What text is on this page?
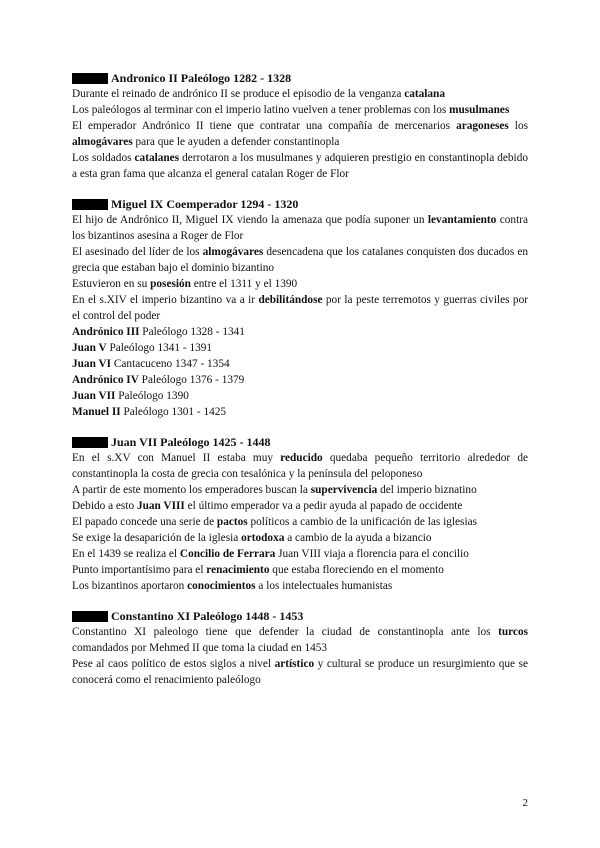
Andronico II Paleólogo 1282 - 1328

Durante el reinado de andrónico II se produce el episodio de la venganza catalana

Los paleólogos al terminar con el imperio latino vuelven a tener problemas con los musulmanes

El emperador Andrónico II tiene que contratar una compañía de mercenarios aragoneses los almogávares para que le ayuden a defender constantinopla

Los soldados catalanes derrotaron a los musulmanes y adquieren prestigio en constantinopla debido a esta gran fama que alcanza el general catalan Roger de Flor

Miguel IX Coemperador 1294 - 1320

El hijo de Andrónico II, Miguel IX viendo la amenaza que podía suponer un levantamiento contra los bizantinos asesina a Roger de Flor

El asesinado del líder de los almogávares desencadena que los catalanes conquisten dos ducados en grecia que estaban bajo el dominio bizantino

Estuvieron en su posesión entre el 1311 y el 1390

En el s.XIV el imperio bizantino va a ir debilitándose por la peste terremotos y guerras civiles por el control del poder

Andrónico III Paleólogo 1328 - 1341

Juan V Paleólogo 1341 - 1391

Juan VI Cantacuceno 1347 - 1354

Andrónico IV Paleólogo 1376 - 1379

Juan VII Paleólogo 1390

Manuel II Paleólogo 1301 - 1425

Juan VII Paleólogo 1425 - 1448

En el s.XV con Manuel II estaba muy reducido quedaba pequeño territorio alrededor de constantinopla la costa de grecia con tesalónica y la península del peloponeso

A partir de este momento los emperadores buscan la supervivencia del imperio biznatino

Debido a esto Juan VIII el último emperador va a pedir ayuda al papado de occidente

El papado concede una serie de pactos políticos a cambio de la unificación de las iglesias

Se exige la desaparición de la iglesia ortodoxa a cambio de la ayuda a bizancio

En el 1439 se realiza el Concilio de Ferrara Juan VIII viaja a florencia para el concilio

Punto importantísimo para el renacimiento que estaba floreciendo en el momento

Los bizantinos aportaron conocimientos a los intelectuales humanistas

Constantino XI Paleólogo 1448 - 1453

Constantino XI paleologo tiene que defender la ciudad de constantinopla ante los turcos comandados por Mehmed II que toma la ciudad en 1453

Pese al caos político de estos siglos a nivel artístico y cultural se produce un resurgimiento que se conocerá como el renacimiento paleólogo

2
